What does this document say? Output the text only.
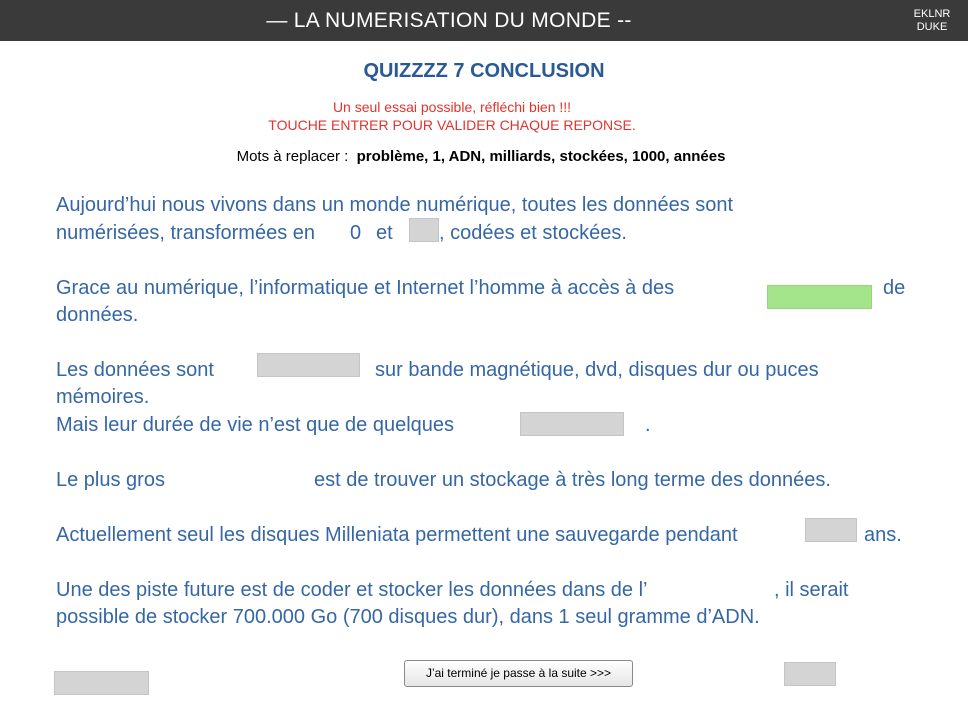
— LA NUMERISATION DU MONDE --	EKLNR
DUKE
QUIZZZZ 7 CONCLUSION
Un seul essai possible, réfléchi bien !!!
TOUCHE ENTRER POUR VALIDER CHAQUE REPONSE.
Mots à replacer : problème, 1, ADN, milliards, stockées, 1000, années
Aujourd’hui nous vivons dans un monde numérique, toutes les données sont
numérisées, transformées en 0 et , codées et stockées.
Grace au numérique, l’informatique et Internet l’homme à accès à des	de
données.
Les données sont	sur bande magnétique, dvd, disques dur ou puces
mémoires.
Mais leur durée de vie n’est que de quelques	.
Le plus gros	est de trouver un stockage à très long terme des données.
Actuellement seul les disques Milleniata permettent une sauvegarde pendant	ans.
Une des piste future est de coder et stocker les données dans de l’	, il serait
possible de stocker 700.000 Go (700 disques dur), dans 1 seul gramme d’ADN.
J’ai terminé je passe à la suite >>>
